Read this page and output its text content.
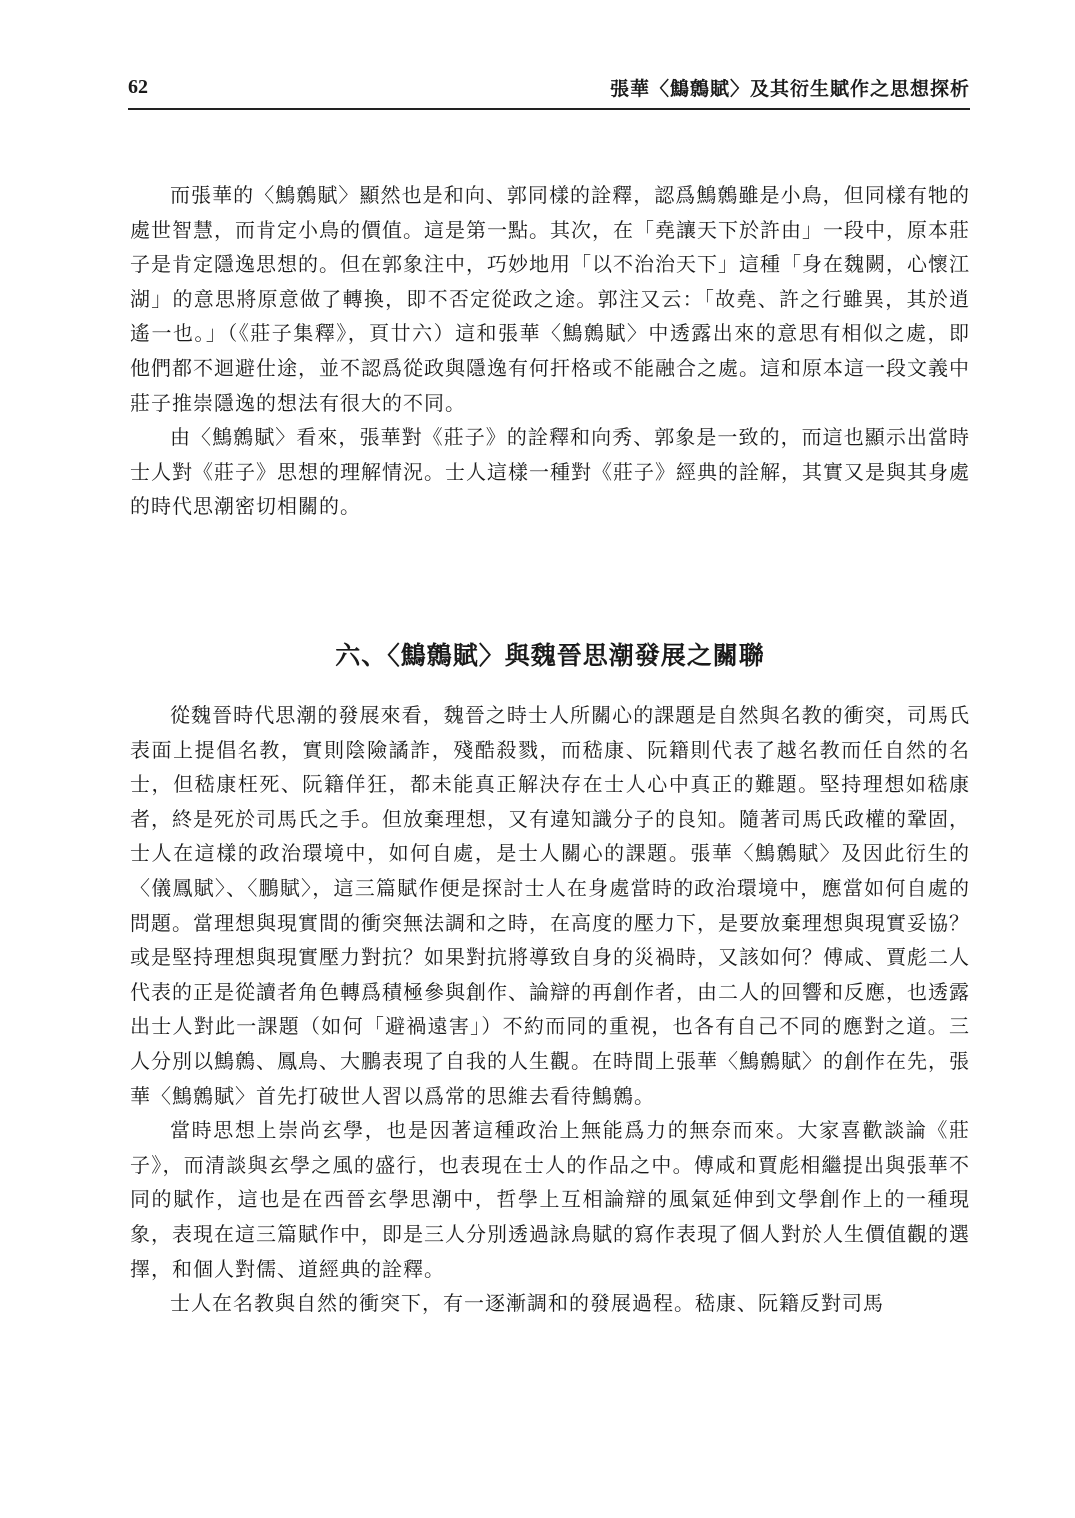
62	張華〈鷦鷯賦〉及其衍生賦作之思想探析

而張華的〈鷦鷯賦〉顯然也是和向、郭同樣的詮釋，認爲鷦鷯雖是小鳥，但同樣有牠的處世智慧，而肯定小鳥的價值。這是第一點。其次，在「堯讓天下於許由」一段中，原本莊子是肯定隱逸思想的。但在郭象注中，巧妙地用「以不治治天下」這種「身在魏闕，心懷江湖」的意思將原意做了轉換，即不否定從政之途。郭注又云：「故堯、許之行雖異，其於逍遙一也。」（《莊子集釋》，頁廿六）這和張華〈鷦鷯賦〉中透露出來的意思有相似之處，即他們都不迴避仕途，並不認爲從政與隱逸有何扞格或不能融合之處。這和原本這一段文義中莊子推崇隱逸的想法有很大的不同。

由〈鷦鷯賦〉看來，張華對《莊子》的詮釋和向秀、郭象是一致的，而這也顯示出當時士人對《莊子》思想的理解情況。士人這樣一種對《莊子》經典的詮解，其實又是與其身處的時代思潮密切相關的。

六、〈鷦鷯賦〉與魏晉思潮發展之關聯

從魏晉時代思潮的發展來看，魏晉之時士人所關心的課題是自然與名教的衝突，司馬氏表面上提倡名教，實則陰險譎詐，殘酷殺戮，而嵇康、阮籍則代表了越名教而任自然的名士，但嵇康枉死、阮籍佯狂，都未能真正解決存在士人心中真正的難題。堅持理想如嵇康者，終是死於司馬氏之手。但放棄理想，又有違知識分子的良知。隨著司馬氏政權的鞏固，士人在這樣的政治環境中，如何自處，是士人關心的課題。張華〈鷦鷯賦〉及因此衍生的〈儀鳳賦〉、〈鵬賦〉，這三篇賦作便是探討士人在身處當時的政治環境中，應當如何自處的問題。當理想與現實間的衝突無法調和之時，在高度的壓力下，是要放棄理想與現實妥協？或是堅持理想與現實壓力對抗？如果對抗將導致自身的災禍時，又該如何？傅咸、賈彪二人代表的正是從讀者角色轉爲積極參與創作、論辯的再創作者，由二人的回響和反應，也透露出士人對此一課題（如何「避禍遠害」）不約而同的重視，也各有自己不同的應對之道。三人分別以鷦鷯、鳳鳥、大鵬表現了自我的人生觀。在時間上張華〈鷦鷯賦〉的創作在先，張華〈鷦鷯賦〉首先打破世人習以爲常的思維去看待鷦鷯。

當時思想上崇尚玄學，也是因著這種政治上無能爲力的無奈而來。大家喜歡談論《莊子》，而清談與玄學之風的盛行，也表現在士人的作品之中。傅咸和賈彪相繼提出與張華不同的賦作，這也是在西晉玄學思潮中，哲學上互相論辯的風氣延伸到文學創作上的一種現象，表現在這三篇賦作中，即是三人分別透過詠鳥賦的寫作表現了個人對於人生價值觀的選擇，和個人對儒、道經典的詮釋。

士人在名教與自然的衝突下，有一逐漸調和的發展過程。嵇康、阮籍反對司馬
